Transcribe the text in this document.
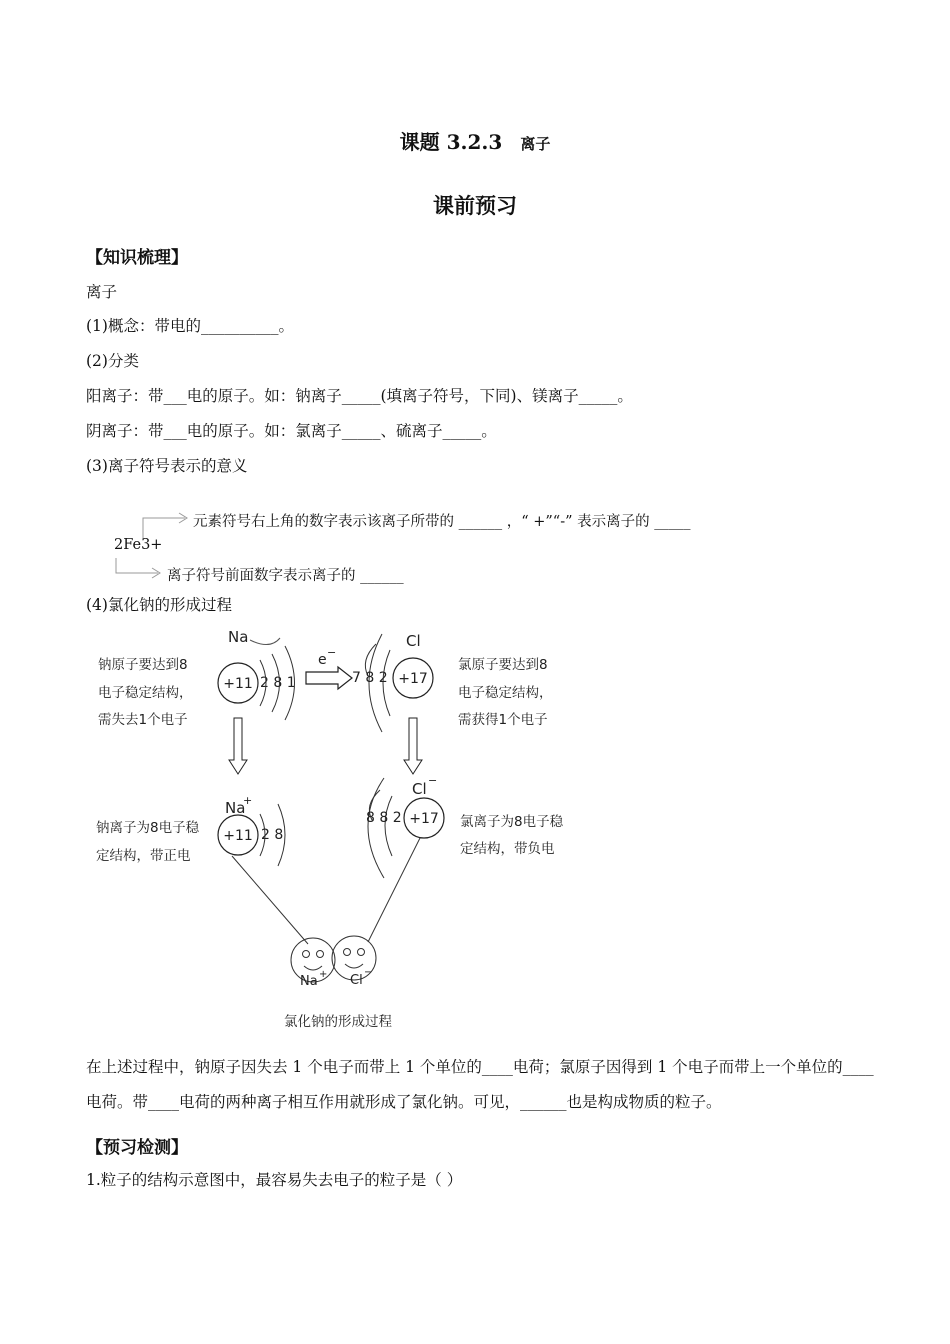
课题 3.2.3 离子
课前预习
【知识梳理】
离子
(1)概念：带电的__________。
(2)分类
阳离子：带___电的原子。如：钠离子_____(填离子符号，下同)、镁离子_____。
阴离子：带___电的原子。如：氯离子_____、硫离子_____。
(3)离子符号表示的意义
2Fe3+
元素符号右上角的数字表示该离子所带的 ______ ，“ +”“-” 表示离子的 _____
离子符号前面数字表示离子的 ______
(4)氯化钠的形成过程
Na
+11 2 8 1
e −
Cl
7 8 2 +17
钠原子要达到8
电子稳定结构，
需失去1个电子
氯原子要达到8
电子稳定结构，
需获得1个电子
Na
+
+11 2 8
Cl −
8 8 2 +17
钠离子为8电子稳
定结构，带正电
氯离子为8电子稳
定结构，带负电
Na + Cl
−
氯化钠的形成过程
在上述过程中，钠原子因失去 1 个电子而带上 1 个单位的____电荷；氯原子因得到 1 个电子而带上一个单位的____电荷。带____电荷的两种离子相互作用就形成了氯化钠。可见，______也是构成物质的粒子。
【预习检测】
1.粒子的结构示意图中，最容易失去电子的粒子是（ ）
